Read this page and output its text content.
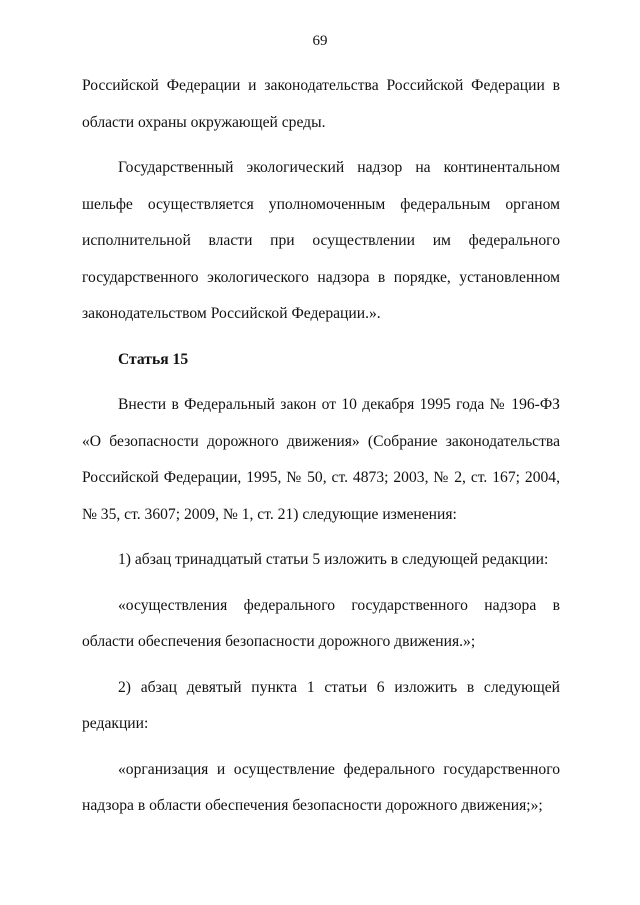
69

Российской Федерации и законодательства Российской Федерации в области охраны окружающей среды.

Государственный экологический надзор на континентальном шельфе осуществляется уполномоченным федеральным органом исполнительной власти при осуществлении им федерального государственного экологического надзора в порядке, установленном законодательством Российской Федерации.».

Статья 15

Внести в Федеральный закон от 10 декабря 1995 года № 196-ФЗ «О безопасности дорожного движения» (Собрание законодательства Российской Федерации, 1995, № 50, ст. 4873; 2003, № 2, ст. 167; 2004, № 35, ст. 3607; 2009, № 1, ст. 21) следующие изменения:

1) абзац тринадцатый статьи 5 изложить в следующей редакции:

«осуществления федерального государственного надзора в области обеспечения безопасности дорожного движения.»;

2) абзац девятый пункта 1 статьи 6 изложить в следующей редакции:

«организация и осуществление федерального государственного надзора в области обеспечения безопасности дорожного движения;»;
